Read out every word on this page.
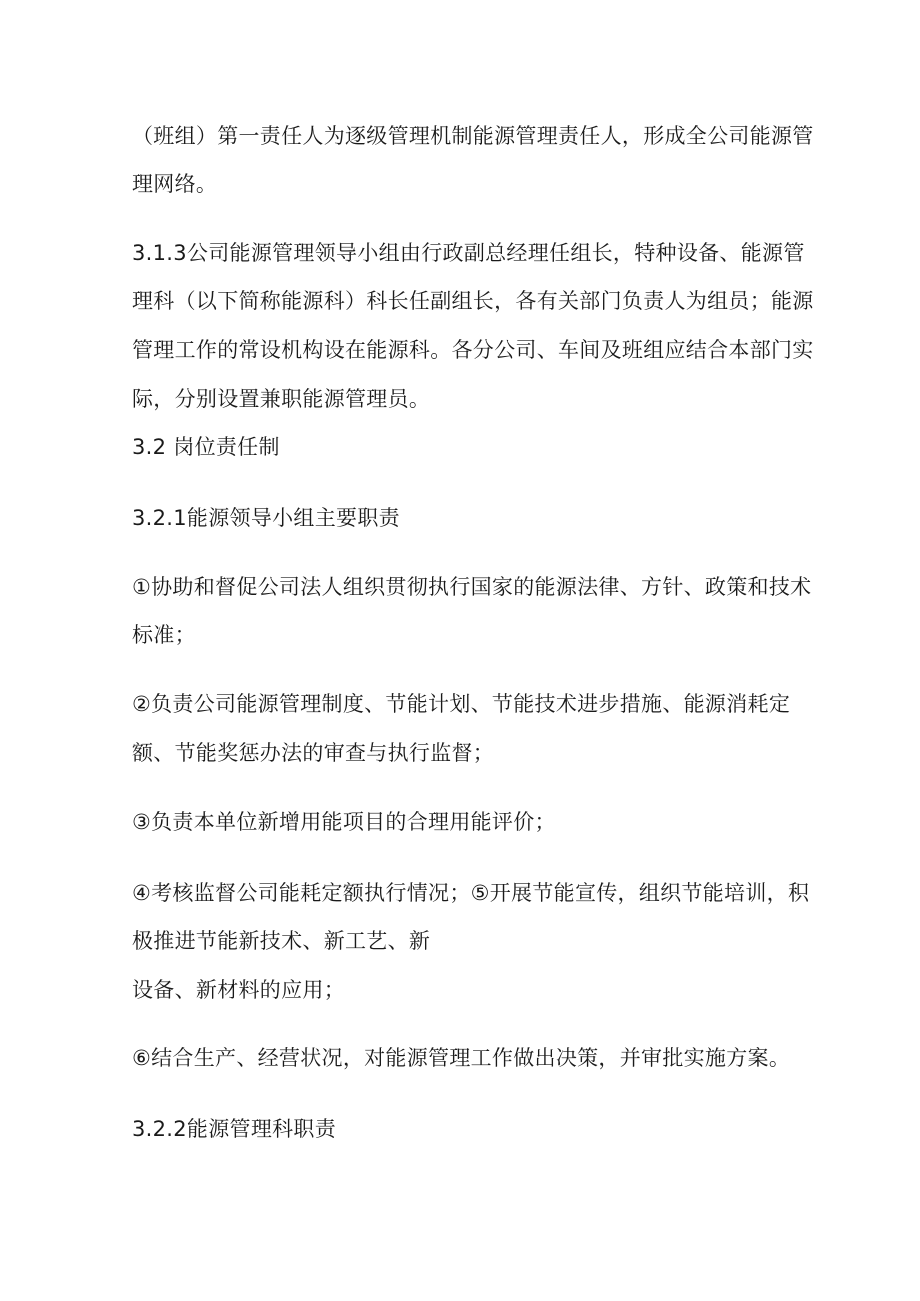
（班组）第一责任人为逐级管理机制能源管理责任人，形成全公司能源管
理网络。
3.1.3公司能源管理领导小组由行政副总经理任组长，特种设备、能源管
理科（以下简称能源科）科长任副组长，各有关部门负责人为组员；能源
管理工作的常设机构设在能源科。各分公司、车间及班组应结合本部门实
际，分别设置兼职能源管理员。
3.2 岗位责任制
3.2.1能源领导小组主要职责
①协助和督促公司法人组织贯彻执行国家的能源法律、方针、政策和技术
标准；
②负责公司能源管理制度、节能计划、节能技术进步措施、能源消耗定
额、节能奖惩办法的审查与执行监督；
③负责本单位新增用能项目的合理用能评价；
④考核监督公司能耗定额执行情况；⑤开展节能宣传，组织节能培训，积
极推进节能新技术、新工艺、新
设备、新材料的应用；
⑥结合生产、经营状况，对能源管理工作做出决策，并审批实施方案。
3.2.2能源管理科职责
